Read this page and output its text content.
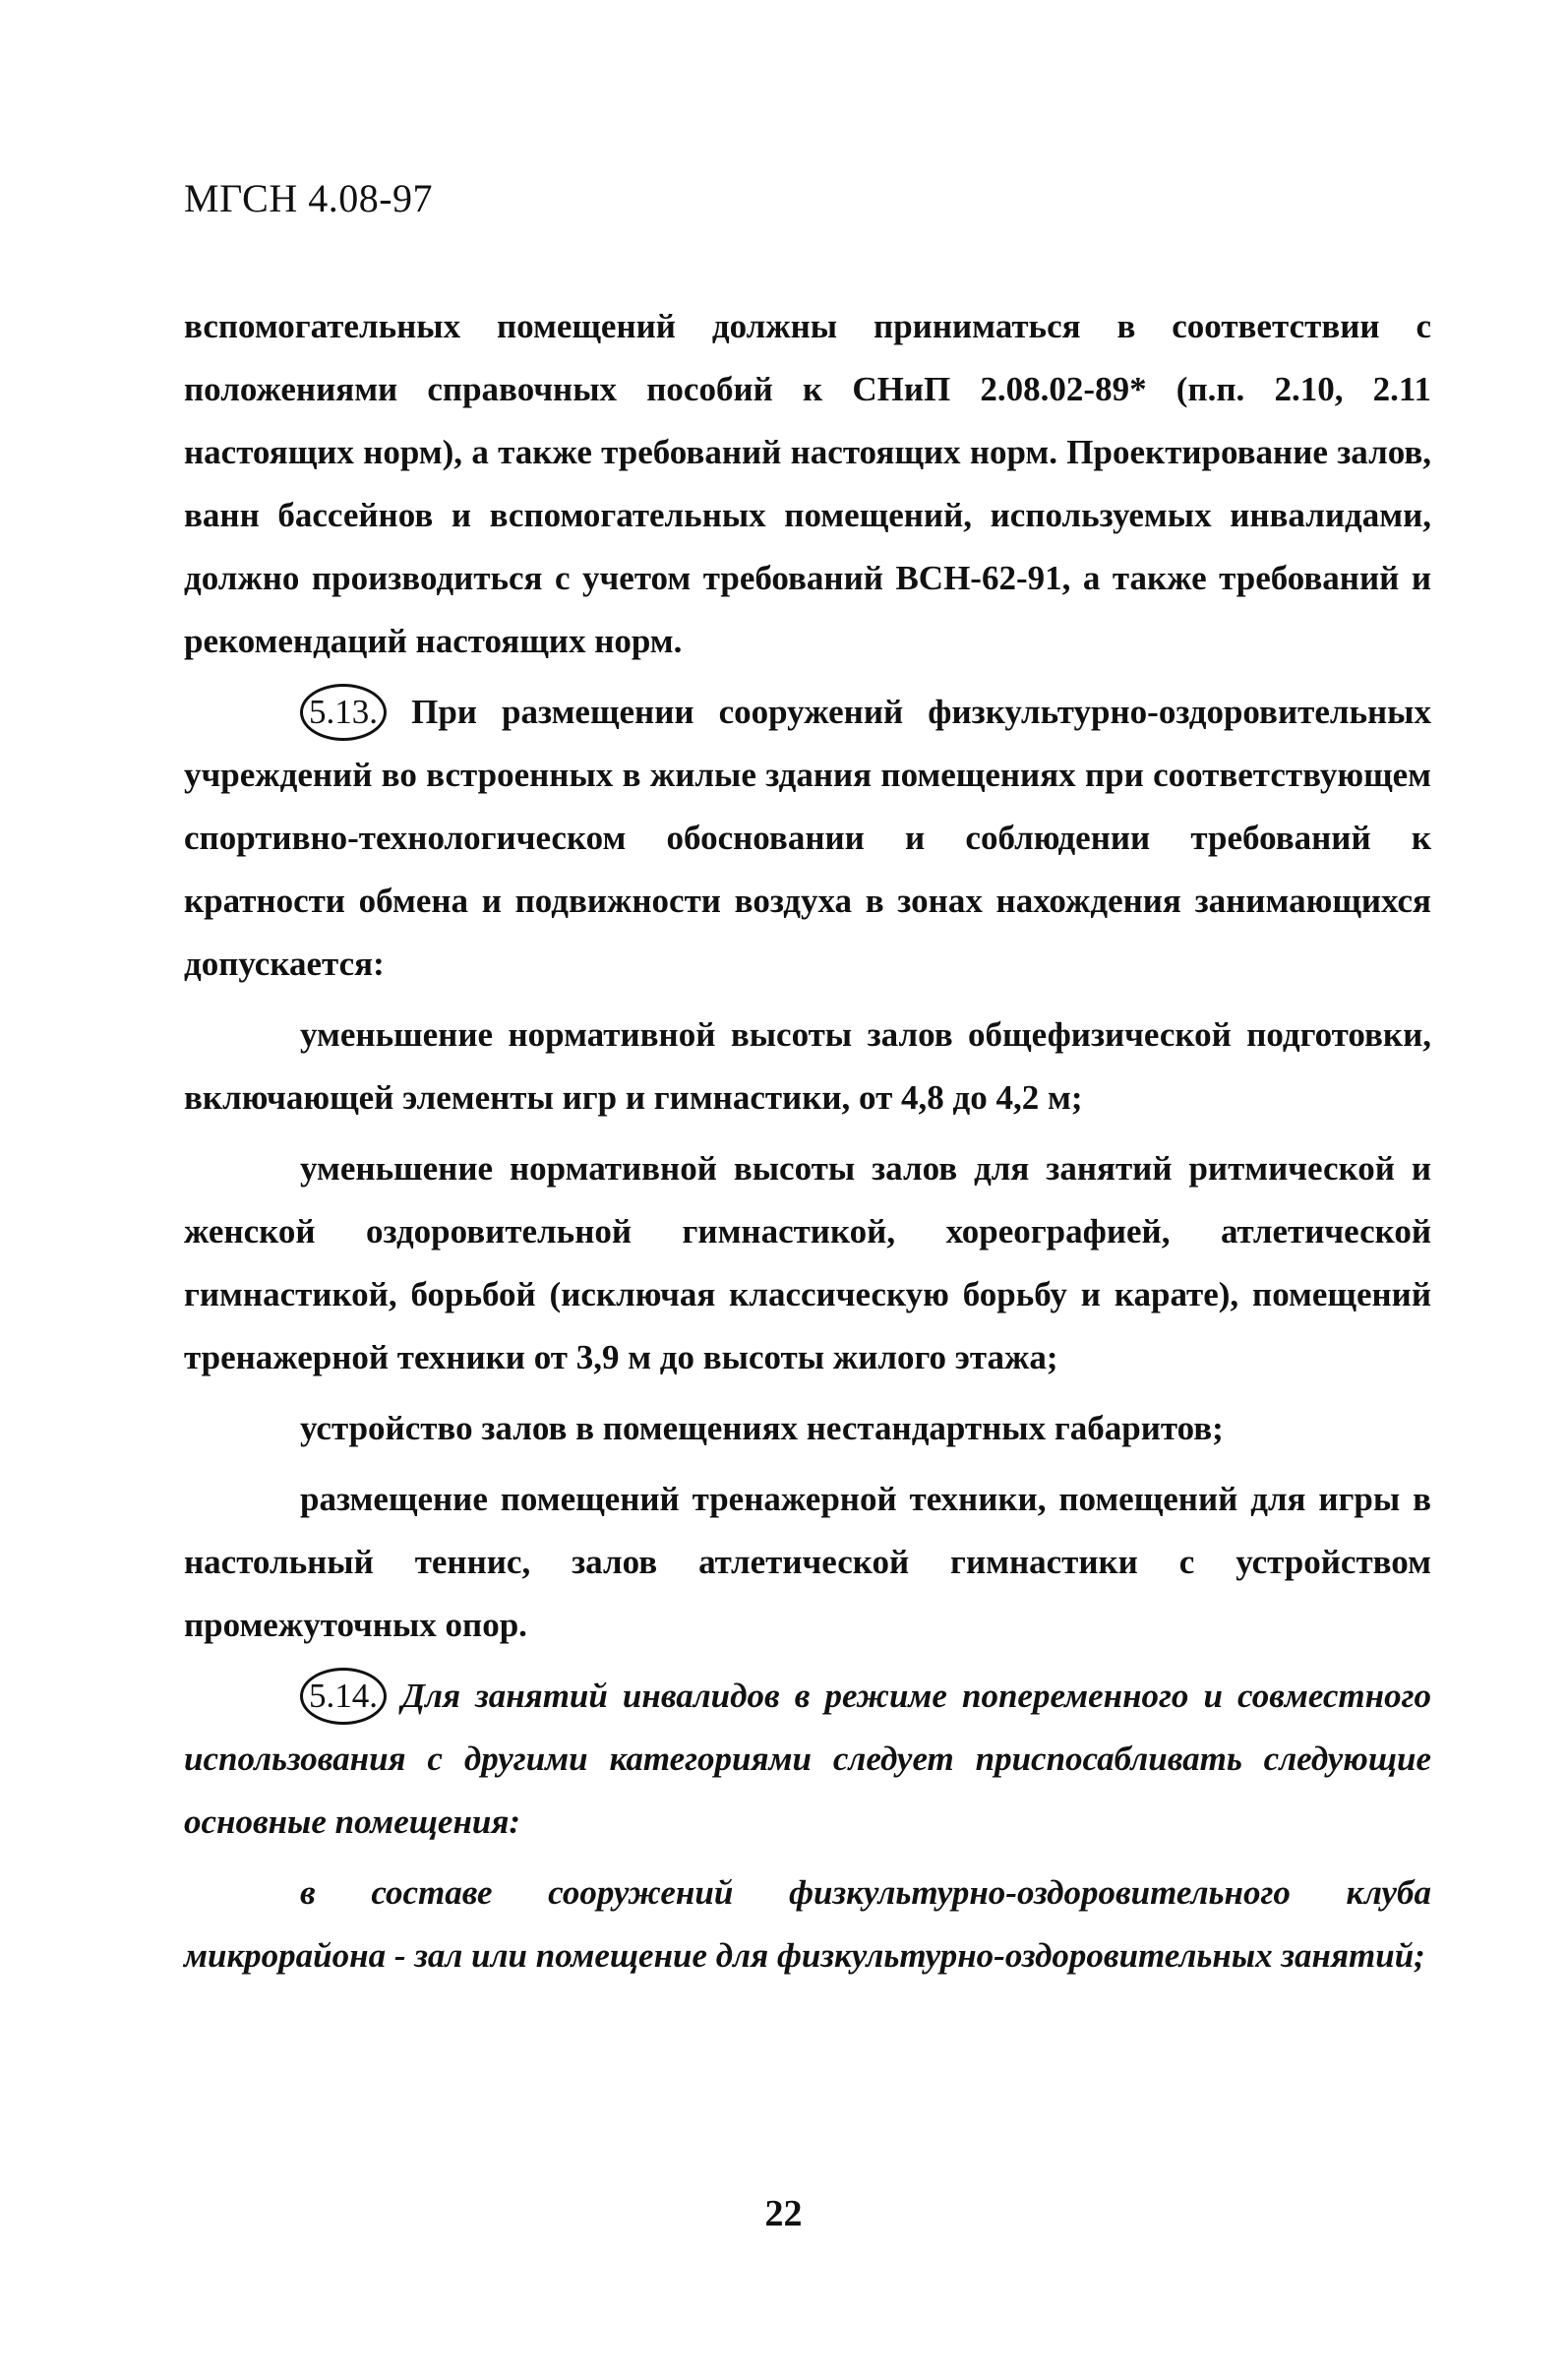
МГСН 4.08-97

вспомогательных помещений должны приниматься в соответствии с положениями справочных пособий к СНиП 2.08.02-89* (п.п. 2.10, 2.11 настоящих норм), а также требований настоящих норм. Проектирование залов, ванн бассейнов и вспомогательных помещений, используемых инвалидами, должно производиться с учетом требований ВСН-62-91, а также требований и рекомендаций настоящих норм.

5.13. При размещении сооружений физкультурно-оздоровительных учреждений во встроенных в жилые здания помещениях при соответствующем спортивно-технологическом обосновании и соблюдении требований к кратности обмена и подвижности воздуха в зонах нахождения занимающихся допускается:

уменьшение нормативной высоты залов общефизической подготовки, включающей элементы игр и гимнастики, от 4,8 до 4,2 м;

уменьшение нормативной высоты залов для занятий ритмической и женской оздоровительной гимнастикой, хореографией, атлетической гимнастикой, борьбой (исключая классическую борьбу и карате), помещений тренажерной техники от 3,9 м до высоты жилого этажа;

устройство залов в помещениях нестандартных габаритов;

размещение помещений тренажерной техники, помещений для игры в настольный теннис, залов атлетической гимнастики с устройством промежуточных опор.

5.14. Для занятий инвалидов в режиме попеременного и совместного использования с другими категориями следует приспосабливать следующие основные помещения:

в составе сооружений физкультурно-оздоровительного клуба микрорайона - зал или помещение для физкультурно-оздоровительных занятий;

22
